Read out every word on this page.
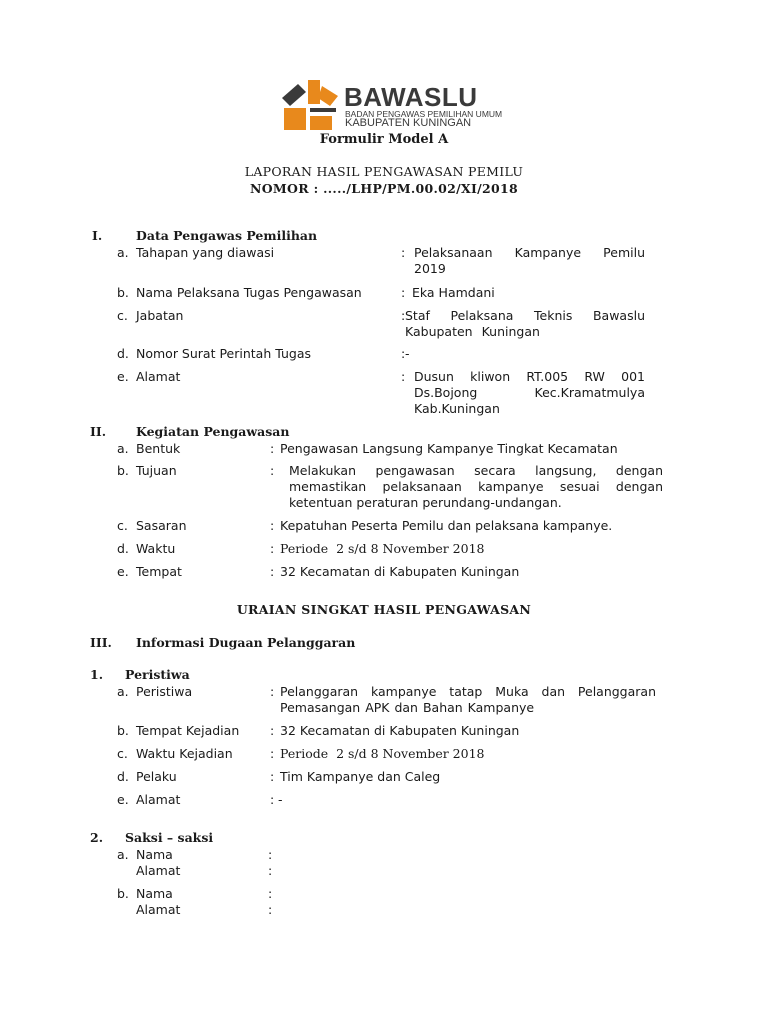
BAWASLU
BADAN PENGAWAS PEMILIHAN UMUM
KABUPATEN KUNINGAN
Formulir Model A
LAPORAN HASIL PENGAWASAN PEMILU
NOMOR : ...../LHP/PM.00.02/XI/2018
I.	Data Pengawas Pemilihan
a. Tahapan yang diawasi	: Pelaksanaan Kampanye Pemilu 2019
b. Nama Pelaksana Tugas Pengawasan	: Eka Hamdani
c. Jabatan	: Staf Pelaksana Teknis Bawaslu Kabupaten Kuningan
d. Nomor Surat Perintah Tugas	: -
e. Alamat	: Dusun kliwon RT.005 RW 001 Ds.Bojong Kec.Kramatmulya Kab.Kuningan
II. Kegiatan Pengawasan
a. Bentuk	: Pengawasan Langsung Kampanye Tingkat Kecamatan
b. Tujuan	: Melakukan pengawasan secara langsung, dengan memastikan pelaksanaan kampanye sesuai dengan ketentuan peraturan perundang-undangan.
c. Sasaran	: Kepatuhan Peserta Pemilu dan pelaksana kampanye.
d. Waktu	: Periode  2 s/d 8 November 2018
e. Tempat	: 32 Kecamatan di Kabupaten Kuningan
URAIAN SINGKAT HASIL PENGAWASAN
III. Informasi Dugaan Pelanggaran
1. Peristiwa
a. Peristiwa	: Pelanggaran kampanye tatap Muka dan Pelanggaran Pemasangan APK dan Bahan Kampanye
b. Tempat Kejadian : 32 Kecamatan di Kabupaten Kuningan
c. Waktu Kejadian	: Periode  2 s/d 8 November 2018
d. Pelaku	: Tim Kampanye dan Caleg
e. Alamat	: -
2. Saksi – saksi
a. Nama	:
Alamat	:
b. Nama	:
Alamat	:
